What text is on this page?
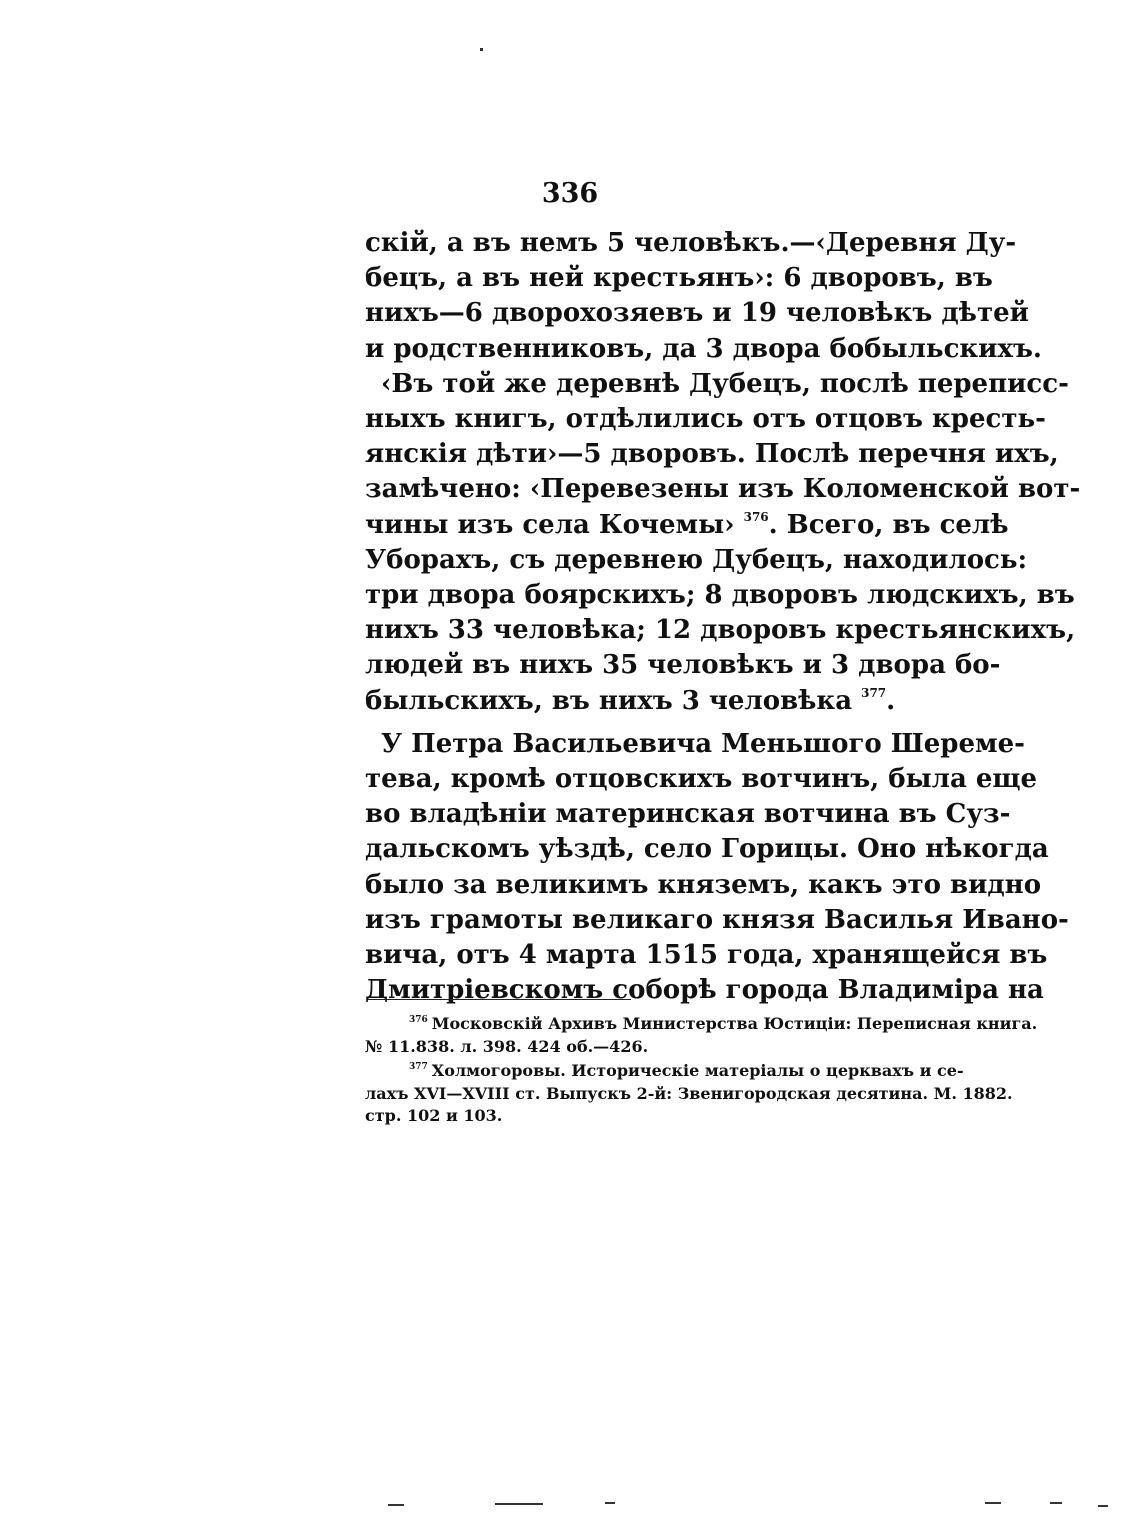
336
скій, а въ немъ 5 человѣкъ.—‹Деревня Ду-
бецъ, а въ ней крестьянъ›: 6 дворовъ, въ
нихъ—6 дворохозяевъ и 19 человѣкъ дѣтей
и родственниковъ, да 3 двора бобыльскихъ.
‹Въ той же деревнѣ Дубецъ, послѣ переписс-
ныхъ книгъ, отдѣлились отъ отцовъ кресть-
янскія дѣти›—5 дворовъ. Послѣ перечня ихъ,
замѣчено: ‹Перевезены изъ Коломенской вот-
чины изъ села Кочемы› $^{376}$. Всего, въ селѣ
Уборахъ, съ деревнею Дубецъ, находилось:
три двора боярскихъ; 8 дворовъ людскихъ, въ
нихъ 33 человѣка; 12 дворовъ крестьянскихъ,
людей въ нихъ 35 человѣкъ и 3 двора бо-
быльскихъ, въ нихъ 3 человѣка $^{377}$.
У Петра Васильевича Меньшого Шереме-
тева, кромѣ отцовскихъ вотчинъ, была еще
во владѣніи материнская вотчина въ Суз-
дальскомъ уѣздѣ, село Горицы. Оно нѣкогда
было за великимъ княземъ, какъ это видно
изъ грамоты великаго князя Василья Ивано-
вича, отъ 4 марта 1515 года, хранящейся въ
Дмитріевскомъ соборѣ города Владиміра на
$^{376}$ Московскій Архивъ Министерства Юстиціи: Переписная книга.
№ 11.838. л. 398. 424 об.—426.
$^{377}$ Холмогоровы. Историческіе матеріалы о церквахъ и се-
лахъ XVI—XVIII ст. Выпускъ 2-й: Звенигородская десятина. М. 1882.
стр. 102 и 103.
